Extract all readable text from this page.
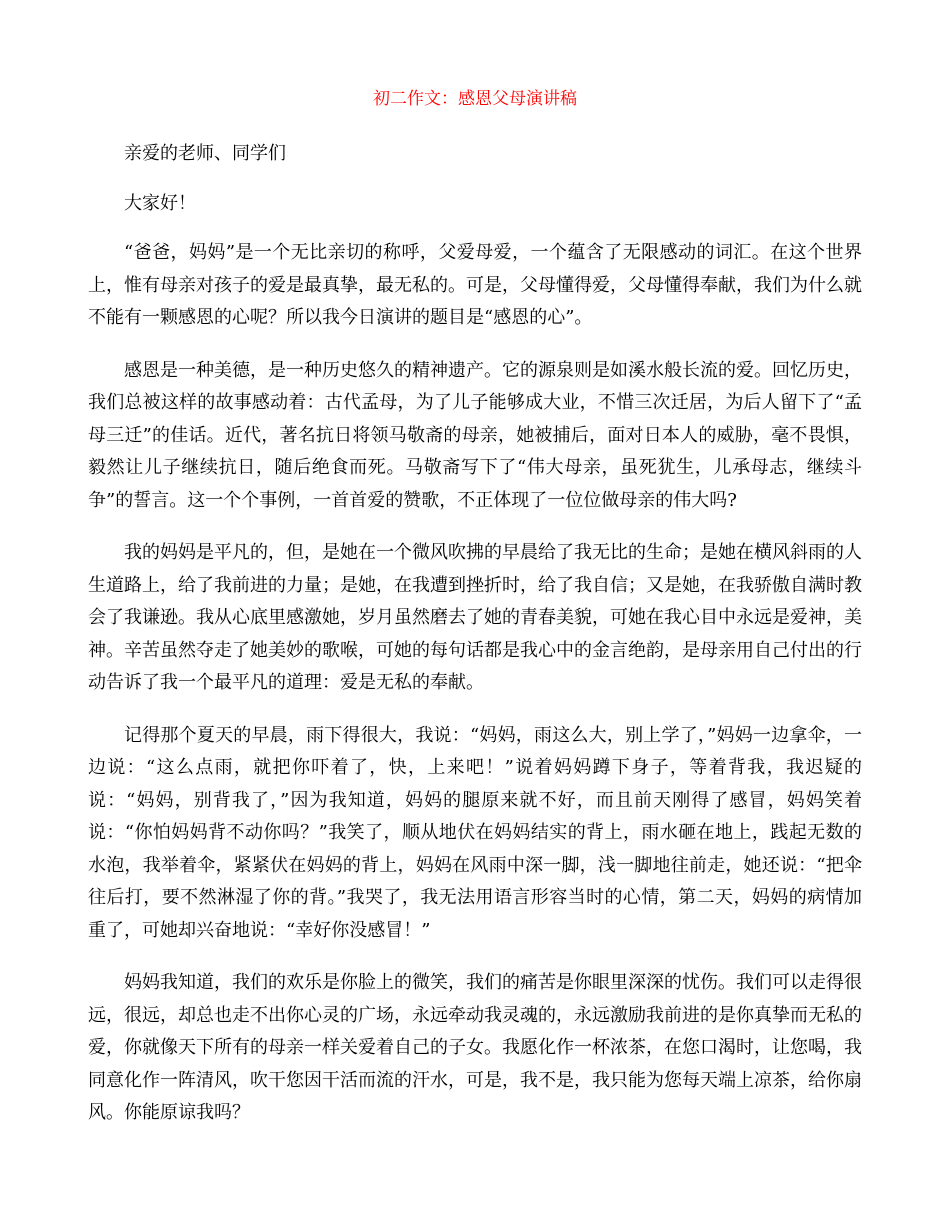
初二作文：感恩父母演讲稿

亲爱的老师、同学们

大家好！

“爸爸，妈妈”是一个无比亲切的称呼，父爱母爱，一个蕴含了无限感动的词汇。在这个世界上，惟有母亲对孩子的爱是最真挚，最无私的。可是，父母懂得爱，父母懂得奉献，我们为什么就不能有一颗感恩的心呢？所以我今日演讲的题目是“感恩的心”。

感恩是一种美德，是一种历史悠久的精神遗产。它的源泉则是如溪水般长流的爱。回忆历史，我们总被这样的故事感动着：古代孟母，为了儿子能够成大业，不惜三次迁居，为后人留下了“孟母三迁”的佳话。近代，著名抗日将领马敬斋的母亲，她被捕后，面对日本人的威胁，毫不畏惧，毅然让儿子继续抗日，随后绝食而死。马敬斋写下了“伟大母亲，虽死犹生，儿承母志，继续斗争”的誓言。这一个个事例，一首首爱的赞歌，不正体现了一位位做母亲的伟大吗?

我的妈妈是平凡的，但，是她在一个微风吹拂的早晨给了我无比的生命；是她在横风斜雨的人生道路上，给了我前进的力量；是她，在我遭到挫折时，给了我自信；又是她，在我骄傲自满时教会了我谦逊。我从心底里感激她，岁月虽然磨去了她的青春美貌，可她在我心目中永远是爱神，美神。辛苦虽然夺走了她美妙的歌喉，可她的每句话都是我心中的金言绝韵，是母亲用自己付出的行动告诉了我一个最平凡的道理：爱是无私的奉献。

记得那个夏天的早晨，雨下得很大，我说：“妈妈，雨这么大，别上学了，”妈妈一边拿伞，一边说：“这么点雨，就把你吓着了，快，上来吧！”说着妈妈蹲下身子，等着背我，我迟疑的说：“妈妈，别背我了，”因为我知道，妈妈的腿原来就不好，而且前天刚得了感冒，妈妈笑着说：“你怕妈妈背不动你吗？”我笑了，顺从地伏在妈妈结实的背上，雨水砸在地上，践起无数的水泡，我举着伞，紧紧伏在妈妈的背上，妈妈在风雨中深一脚，浅一脚地往前走，她还说：“把伞往后打，要不然淋湿了你的背。”我哭了，我无法用语言形容当时的心情，第二天，妈妈的病情加重了，可她却兴奋地说：“幸好你没感冒！”

妈妈我知道，我们的欢乐是你脸上的微笑，我们的痛苦是你眼里深深的忧伤。我们可以走得很远，很远，却总也走不出你心灵的广场，永远牵动我灵魂的，永远激励我前进的是你真挚而无私的爱，你就像天下所有的母亲一样关爱着自己的子女。我愿化作一杯浓茶，在您口渴时，让您喝，我同意化作一阵清风，吹干您因干活而流的汗水，可是，我不是，我只能为您每天端上凉茶，给你扇风。你能原谅我吗？
